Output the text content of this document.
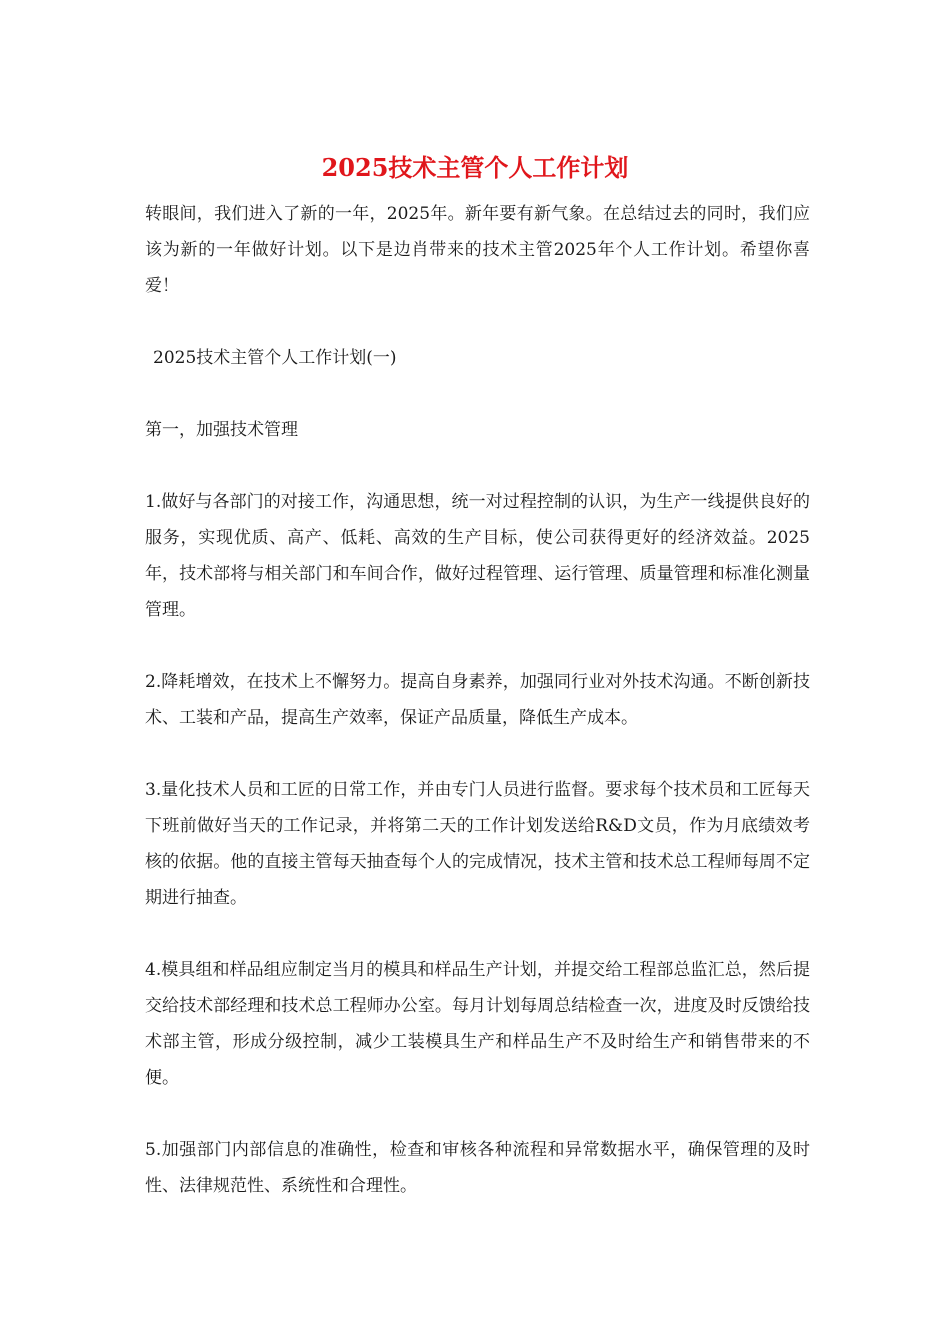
2025技术主管个人工作计划

转眼间，我们进入了新的一年，2025年。新年要有新气象。在总结过去的同时，我们应该为新的一年做好计划。以下是边肖带来的技术主管2025年个人工作计划。希望你喜爱！

2025技术主管个人工作计划(一)

第一，加强技术管理

1.做好与各部门的对接工作，沟通思想，统一对过程控制的认识，为生产一线提供良好的服务，实现优质、高产、低耗、高效的生产目标，使公司获得更好的经济效益。2025年，技术部将与相关部门和车间合作，做好过程管理、运行管理、质量管理和标准化测量管理。

2.降耗增效，在技术上不懈努力。提高自身素养，加强同行业对外技术沟通。不断创新技术、工装和产品，提高生产效率，保证产品质量，降低生产成本。

3.量化技术人员和工匠的日常工作，并由专门人员进行监督。要求每个技术员和工匠每天下班前做好当天的工作记录，并将第二天的工作计划发送给R&D文员，作为月底绩效考核的依据。他的直接主管每天抽查每个人的完成情况，技术主管和技术总工程师每周不定期进行抽查。

4.模具组和样品组应制定当月的模具和样品生产计划，并提交给工程部总监汇总，然后提交给技术部经理和技术总工程师办公室。每月计划每周总结检查一次，进度及时反馈给技术部主管，形成分级控制，减少工装模具生产和样品生产不及时给生产和销售带来的不便。

5.加强部门内部信息的准确性，检查和审核各种流程和异常数据水平，确保管理的及时性、法律规范性、系统性和合理性。
